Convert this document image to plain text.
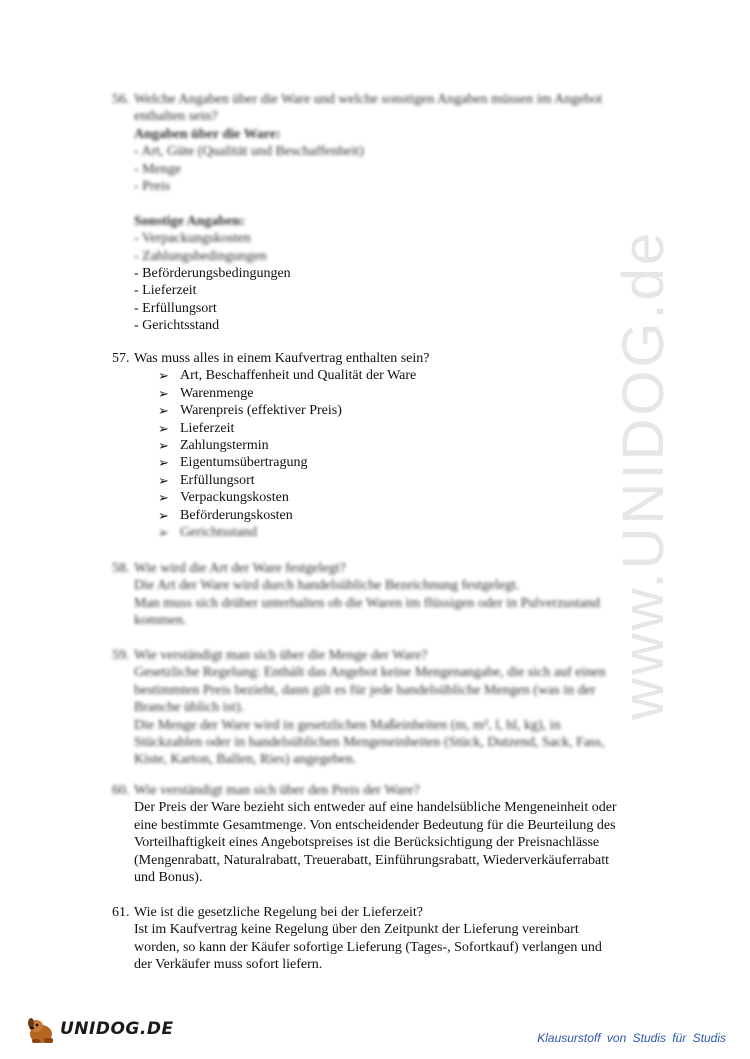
www.UNIDOG.de
56. Welche Angaben über die Ware und welche sonstigen Angaben müssen im Angebot
enthalten sein?
Angaben über die Ware:
- Art, Güte (Qualität und Beschaffenheit)
- Menge
- Preis

Sonstige Angaben:
- Verpackungskosten
- Zahlungsbedingungen
- Beförderungsbedingungen
- Lieferzeit
- Erfüllungsort
- Gerichtsstand
57. Was muss alles in einem Kaufvertrag enthalten sein?
➢ Art, Beschaffenheit und Qualität der Ware
➢ Warenmenge
➢ Warenpreis (effektiver Preis)
➢ Lieferzeit
➢ Zahlungstermin
➢ Eigentumsübertragung
➢ Erfüllungsort
➢ Verpackungskosten
➢ Beförderungskosten
➢ Gerichtsstand
58. Wie wird die Art der Ware festgelegt?
Die Art der Ware wird durch handelsübliche Bezeichnung festgelegt.
Man muss sich drüber unterhalten ob die Waren im flüssigen oder in Pulverzustand
kommen.
59. Wie verständigt man sich über die Menge der Ware?
Gesetzliche Regelung: Enthält das Angebot keine Mengenangabe, die sich auf einen
bestimmten Preis bezieht, dann gilt es für jede handelsübliche Mengen (was in der
Branche üblich ist).
Die Menge der Ware wird in gesetzlichen Maßeinheiten (m, m², l, hl, kg), in
Stückzahlen oder in handelsüblichen Mengeneinheiten (Stück, Dutzend, Sack, Fass,
Kiste, Karton, Ballen, Ries) angegeben.
60. Wie verständigt man sich über den Preis der Ware?
Der Preis der Ware bezieht sich entweder auf eine handelsübliche Mengeneinheit oder
eine bestimmte Gesamtmenge. Von entscheidender Bedeutung für die Beurteilung des
Vorteilhaftigkeit eines Angebotspreises ist die Berücksichtigung der Preisnachlässe
(Mengenrabatt, Naturalrabatt, Treuerabatt, Einführungsrabatt, Wiederverkäuferrabatt
und Bonus).
61. Wie ist die gesetzliche Regelung bei der Lieferzeit?
Ist im Kaufvertrag keine Regelung über den Zeitpunkt der Lieferung vereinbart
worden, so kann der Käufer sofortige Lieferung (Tages-, Sofortkauf) verlangen und
der Verkäufer muss sofort liefern.
UNIDOG.DE	Klausurstoff von Studis für Studis
